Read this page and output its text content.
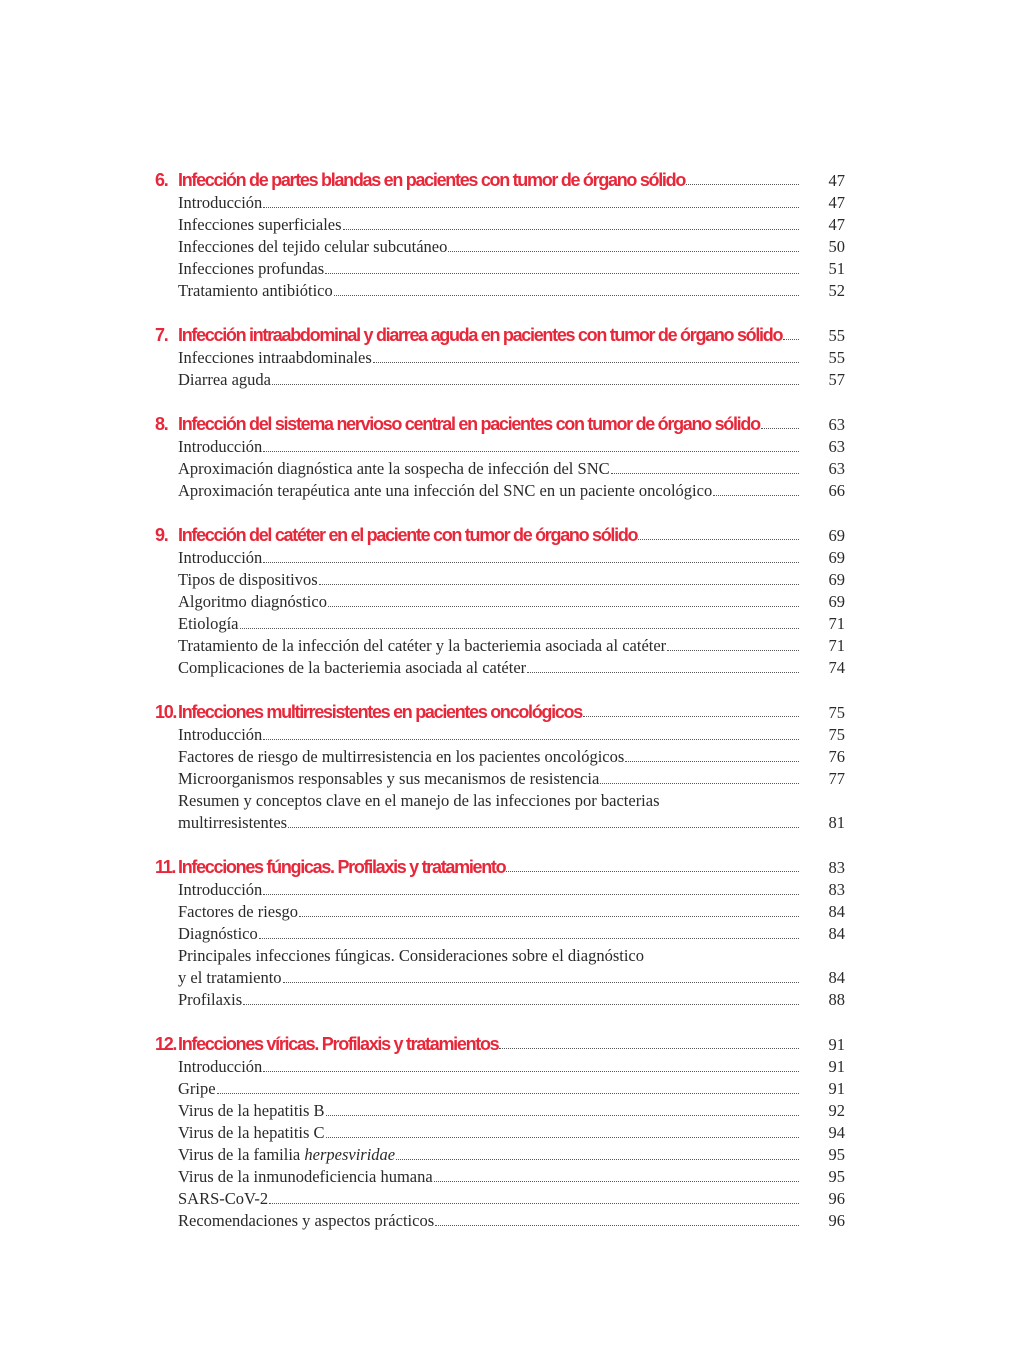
6. Infección de partes blandas en pacientes con tumor de órgano sólido	47
Introducción	47
Infecciones superficiales	47
Infecciones del tejido celular subcutáneo	50
Infecciones profundas	51
Tratamiento antibiótico	52
7. Infección intraabdominal y diarrea aguda en pacientes con tumor de órgano sólido	55
Infecciones intraabdominales	55
Diarrea aguda	57
8. Infección del sistema nervioso central en pacientes con tumor de órgano sólido	63
Introducción	63
Aproximación diagnóstica ante la sospecha de infección del SNC	63
Aproximación terapéutica ante una infección del SNC en un paciente oncológico	66
9. Infección del catéter en el paciente con tumor de órgano sólido	69
Introducción	69
Tipos de dispositivos	69
Algoritmo diagnóstico	69
Etiología	71
Tratamiento de la infección del catéter y la bacteriemia asociada al catéter	71
Complicaciones de la bacteriemia asociada al catéter	74
10. Infecciones multirresistentes en pacientes oncológicos	75
Introducción	75
Factores de riesgo de multirresistencia en los pacientes oncológicos	76
Microorganismos responsables y sus mecanismos de resistencia	77
Resumen y conceptos clave en el manejo de las infecciones por bacterias
multirresistentes	81
11. Infecciones fúngicas. Profilaxis y tratamiento	83
Introducción	83
Factores de riesgo	84
Diagnóstico	84
Principales infecciones fúngicas. Consideraciones sobre el diagnóstico
y el tratamiento	84
Profilaxis	88
12. Infecciones víricas. Profilaxis y tratamientos	91
Introducción	91
Gripe	91
Virus de la hepatitis B	92
Virus de la hepatitis C	94
Virus de la familia herpesviridae	95
Virus de la inmunodeficiencia humana	95
SARS-CoV-2	96
Recomendaciones y aspectos prácticos	96
